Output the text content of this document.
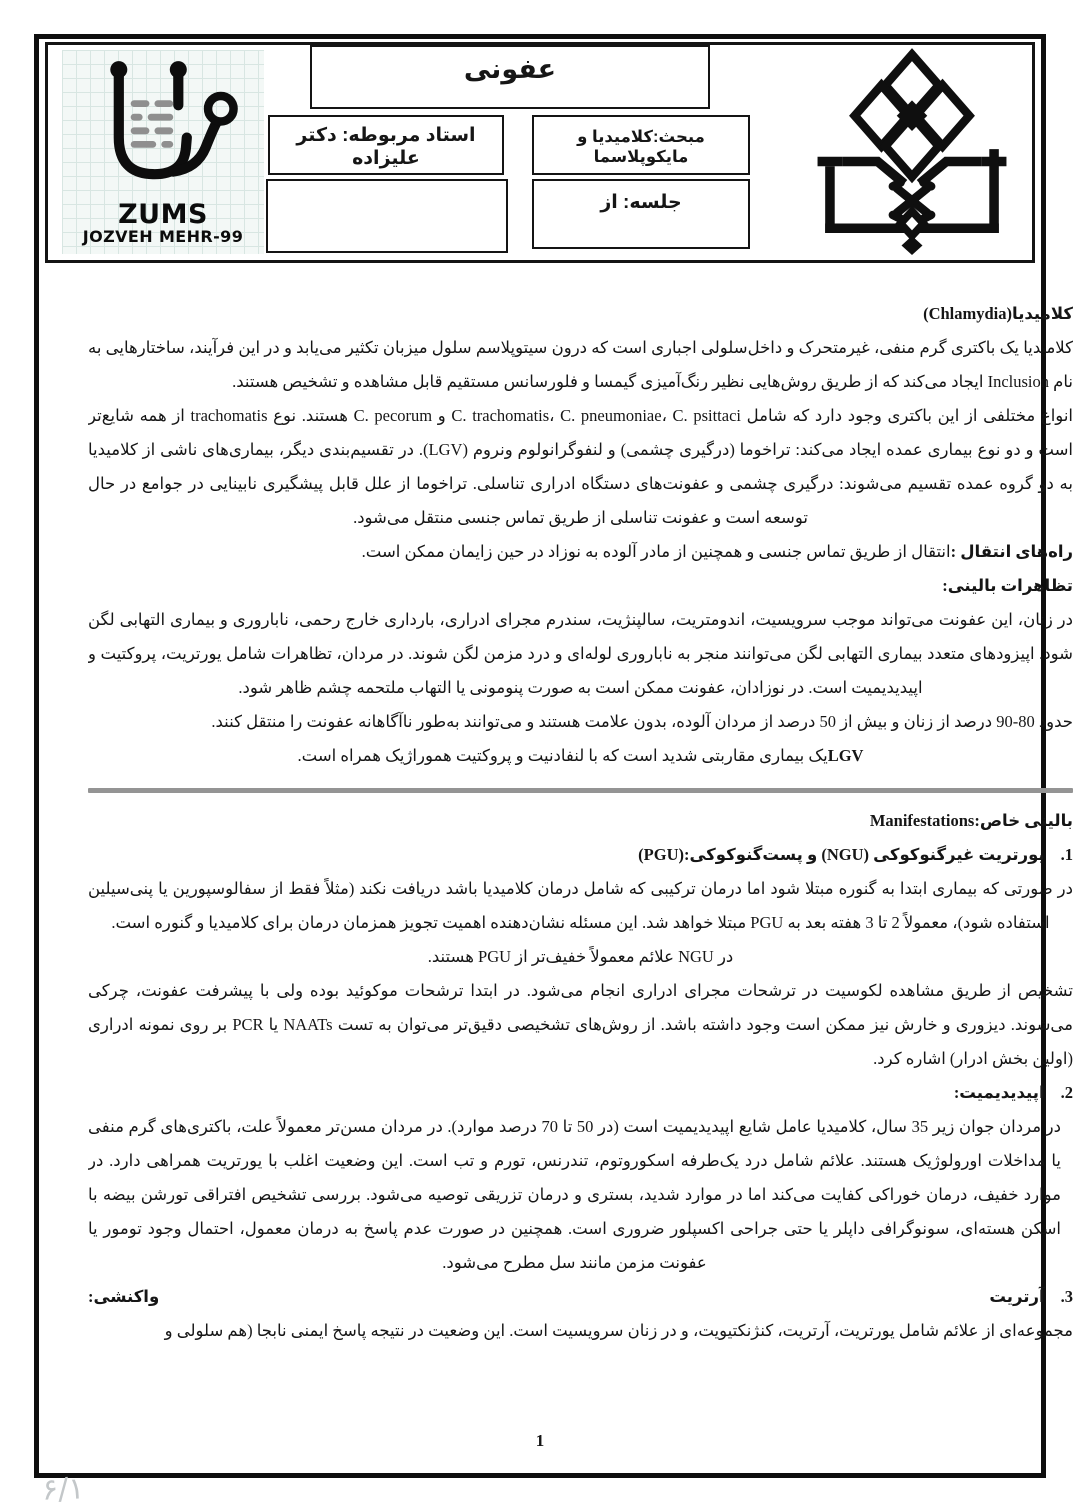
ZUMS
JOZVEH MEHR-99
عفونی
استاد مربوطه: دکتر علیزاده
مبحث:کلامیدیا و مایکوپلاسما
جلسه: از

کلامیدیا(Chlamydia)

کلامیدیا یک باکتری گرم منفی، غیرمتحرک و داخل‌سلولی اجباری است که درون سیتوپلاسم سلول میزبان تکثیر می‌یابد و در این فرآیند، ساختارهایی به نام Inclusion ایجاد می‌کند که از طریق روش‌هایی نظیر رنگ‌آمیزی گیمسا و فلورسانس مستقیم قابل مشاهده و تشخیص هستند.

انواع مختلفی از این باکتری وجود دارد که شامل C. trachomatis، C. pneumoniae، C. psittaci و C. pecorum هستند. نوع trachomatis از همه شایع‌تر است و دو نوع بیماری عمده ایجاد می‌کند: تراخوما (درگیری چشمی) و لنفوگرانولوم ونروم (LGV). در تقسیم‌بندی دیگر، بیماری‌های ناشی از کلامیدیا به دو گروه عمده تقسیم می‌شوند: درگیری چشمی و عفونت‌های دستگاه ادراری تناسلی. تراخوما از علل قابل پیشگیری نابینایی در جوامع در حال توسعه است و عفونت تناسلی از طریق تماس جنسی منتقل می‌شود.

راه‌های انتقال :انتقال از طریق تماس جنسی و همچنین از مادر آلوده به نوزاد در حین زایمان ممکن است.

تظاهرات بالینی:

در زنان، این عفونت می‌تواند موجب سرویسیت، اندومتریت، سالپنژیت، سندرم مجرای ادراری، بارداری خارج رحمی، ناباروری و بیماری التهابی لگن شود. اپیزودهای متعدد بیماری التهابی لگن می‌توانند منجر به ناباروری لوله‌ای و درد مزمن لگن شوند. در مردان، تظاهرات شامل یورتریت، پروکتیت و اپیدیدیمیت است. در نوزادان، عفونت ممکن است به صورت پنومونی یا التهاب ملتحمه چشم ظاهر شود.

حدود 80-90 درصد از زنان و بیش از 50 درصد از مردان آلوده، بدون علامت هستند و می‌توانند به‌طور ناآگاهانه عفونت را منتقل کنند.

LGVیک بیماری مقاربتی شدید است که با لنفادنیت و پروکتیت هموراژیک همراه است.

بالینی خاص:Manifestations

1.یورتریت غیرگنوکوکی (NGU) و پست‌گنوکوکی:(PGU)

در صورتی که بیماری ابتدا به گنوره مبتلا شود اما درمان ترکیبی که شامل درمان کلامیدیا باشد دریافت نکند (مثلاً فقط از سفالوسپورین یا پنی‌سیلین استفاده شود)، معمولاً 2 تا 3 هفته بعد به PGU مبتلا خواهد شد. این مسئله نشان‌دهنده اهمیت تجویز همزمان درمان برای کلامیدیا و گنوره است.

در NGU علائم معمولاً خفیف‌تر از PGU هستند.

تشخیص از طریق مشاهده لکوسیت در ترشحات مجرای ادراری انجام می‌شود. در ابتدا ترشحات موکوئید بوده ولی با پیشرفت عفونت، چرکی می‌شوند. دیزوری و خارش نیز ممکن است وجود داشته باشد. از روش‌های تشخیصی دقیق‌تر می‌توان به تست NAATs یا PCR بر روی نمونه ادراری (اولین بخش ادرار) اشاره کرد.

2.اپیدیدیمیت:

در مردان جوان زیر 35 سال، کلامیدیا عامل شایع اپیدیدیمیت است (در 50 تا 70 درصد موارد). در مردان مسن‌تر معمولاً علت، باکتری‌های گرم منفی یا مداخلات اورولوژیک هستند. علائم شامل درد یک‌طرفه اسکوروتوم، تندرنس، تورم و تب است. این وضعیت اغلب با یورتریت همراهی دارد. در موارد خفیف، درمان خوراکی کفایت می‌کند اما در موارد شدید، بستری و درمان تزریقی توصیه می‌شود. بررسی تشخیص افتراقی تورشن بیضه با اسکن هسته‌ای، سونوگرافی داپلر یا حتی جراحی اکسپلور ضروری است. همچنین در صورت عدم پاسخ به درمان معمول، احتمال وجود تومور یا عفونت مزمن مانند سل مطرح می‌شود.

3.آرتریت
واکنشی:

مجموعه‌ای از علائم شامل یورتریت، آرتریت، کنژنکتیویت، و در زنان سرویسیت است. این وضعیت در نتیجه پاسخ ایمنی نابجا (هم سلولی و

1
۶/۱
